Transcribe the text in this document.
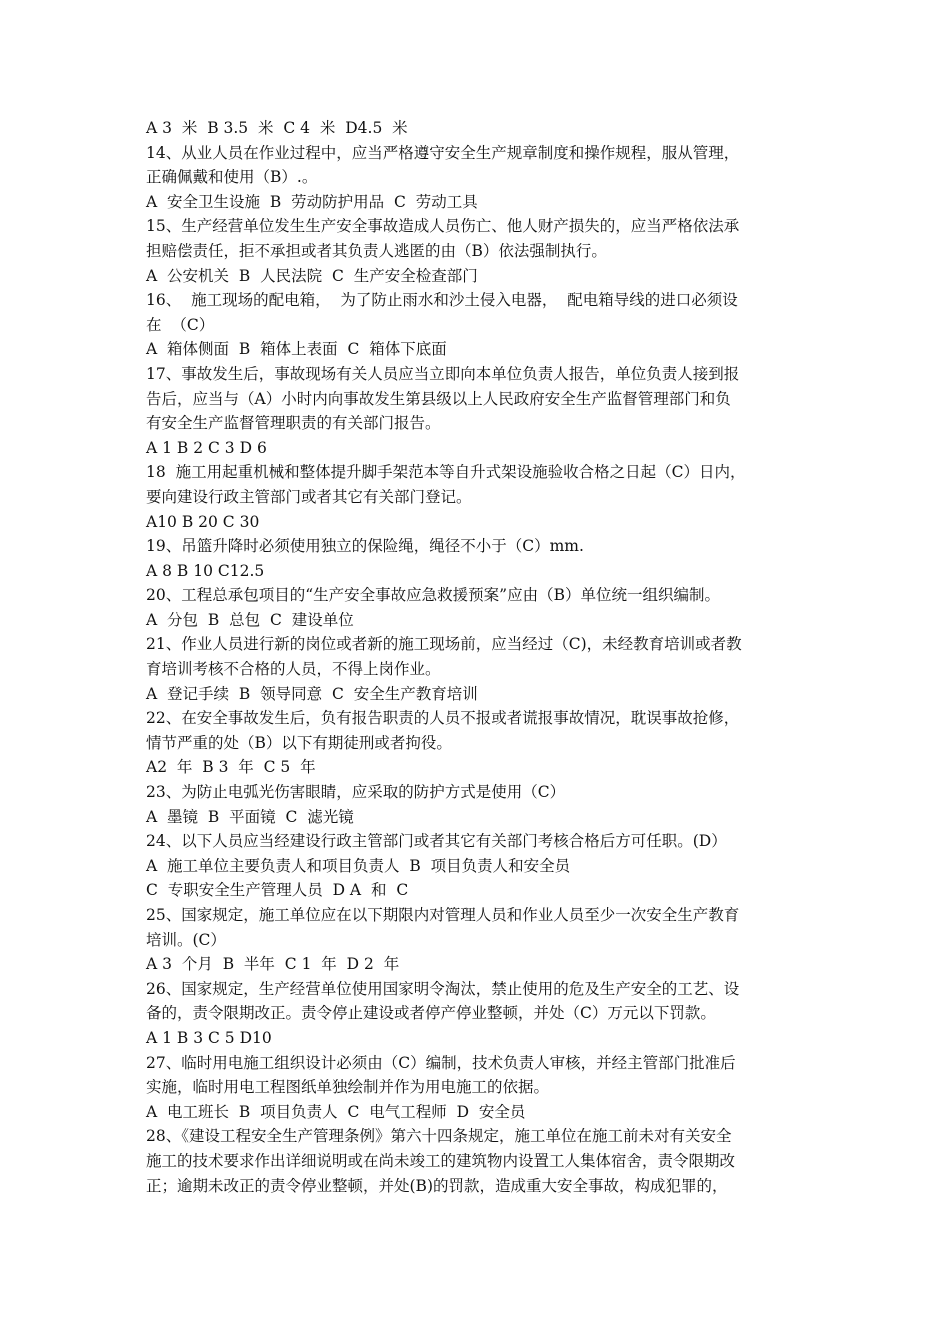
A 3  米  B 3.5  米  C 4  米  D4.5  米
14、从业人员在作业过程中，应当严格遵守安全生产规章制度和操作规程，服从管理，
正确佩戴和使用（B）.。
A  安全卫生设施  B  劳动防护用品  C  劳动工具
15、生产经营单位发生生产安全事故造成人员伤亡、他人财产损失的，应当严格依法承
担赔偿责任，拒不承担或者其负责人逃匿的由（B）依法强制执行。
A  公安机关  B  人民法院  C  生产安全检查部门
16、  施工现场的配电箱，  为了防止雨水和沙土侵入电器，  配电箱导线的进口必须设
在  （C）
A  箱体侧面  B  箱体上表面  C  箱体下底面
17、事故发生后，事故现场有关人员应当立即向本单位负责人报告，单位负责人接到报
告后，应当与（A）小时内向事故发生第县级以上人民政府安全生产监督管理部门和负
有安全生产监督管理职责的有关部门报告。
A 1 B 2 C 3 D 6
18  施工用起重机械和整体提升脚手架范本等自升式架设施验收合格之日起（C）日内，
要向建设行政主管部门或者其它有关部门登记。
A10 B 20 C 30
19、吊篮升降时必须使用独立的保险绳，绳径不小于（C）mm.
A 8 B 10 C12.5
20、工程总承包项目的“生产安全事故应急救援预案”应由（B）单位统一组织编制。
A  分包  B  总包  C  建设单位
21、作业人员进行新的岗位或者新的施工现场前，应当经过（C)，未经教育培训或者教
育培训考核不合格的人员，不得上岗作业。
A  登记手续  B  领导同意  C  安全生产教育培训
22、在安全事故发生后，负有报告职责的人员不报或者谎报事故情况，耽误事故抢修，
情节严重的处（B）以下有期徒刑或者拘役。
A2  年  B 3  年  C 5  年
23、为防止电弧光伤害眼睛，应采取的防护方式是使用（C）
A  墨镜  B  平面镜  C  滤光镜
24、以下人员应当经建设行政主管部门或者其它有关部门考核合格后方可任职。(D）
A  施工单位主要负责人和项目负责人  B  项目负责人和安全员
C  专职安全生产管理人员  D A  和  C
25、国家规定，施工单位应在以下期限内对管理人员和作业人员至少一次安全生产教育
培训。(C）
A 3  个月  B  半年  C 1  年  D 2  年
26、国家规定，生产经营单位使用国家明令淘汰，禁止使用的危及生产安全的工艺、设
备的，责令限期改正。责令停止建设或者停产停业整顿，并处（C）万元以下罚款。
A 1 B 3 C 5 D10
27、临时用电施工组织设计必须由（C）编制，技术负责人审核，并经主管部门批准后
实施，临时用电工程图纸单独绘制并作为用电施工的依据。
A  电工班长  B  项目负责人  C  电气工程师  D  安全员
28、《建设工程安全生产管理条例》第六十四条规定，施工单位在施工前未对有关安全
施工的技术要求作出详细说明或在尚未竣工的建筑物内设置工人集体宿舍，责令限期改
正；逾期未改正的责令停业整顿，并处(B)的罚款，造成重大安全事故，构成犯罪的，
